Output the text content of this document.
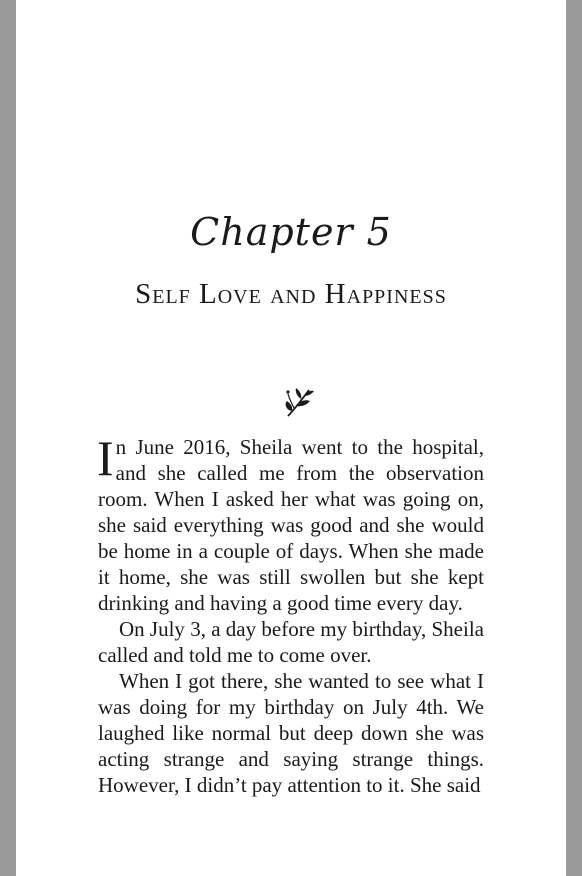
Chapter 5
Self Love and Happiness

In June 2016, Sheila went to the hospital, and she called me from the observation room. When I asked her what was going on, she said everything was good and she would be home in a couple of days. When she made it home, she was still swollen but she kept drinking and having a good time every day.

On July 3, a day before my birthday, Sheila called and told me to come over.

When I got there, she wanted to see what I was doing for my birthday on July 4th. We laughed like normal but deep down she was acting strange and saying strange things. However, I didn’t pay attention to it. She said
